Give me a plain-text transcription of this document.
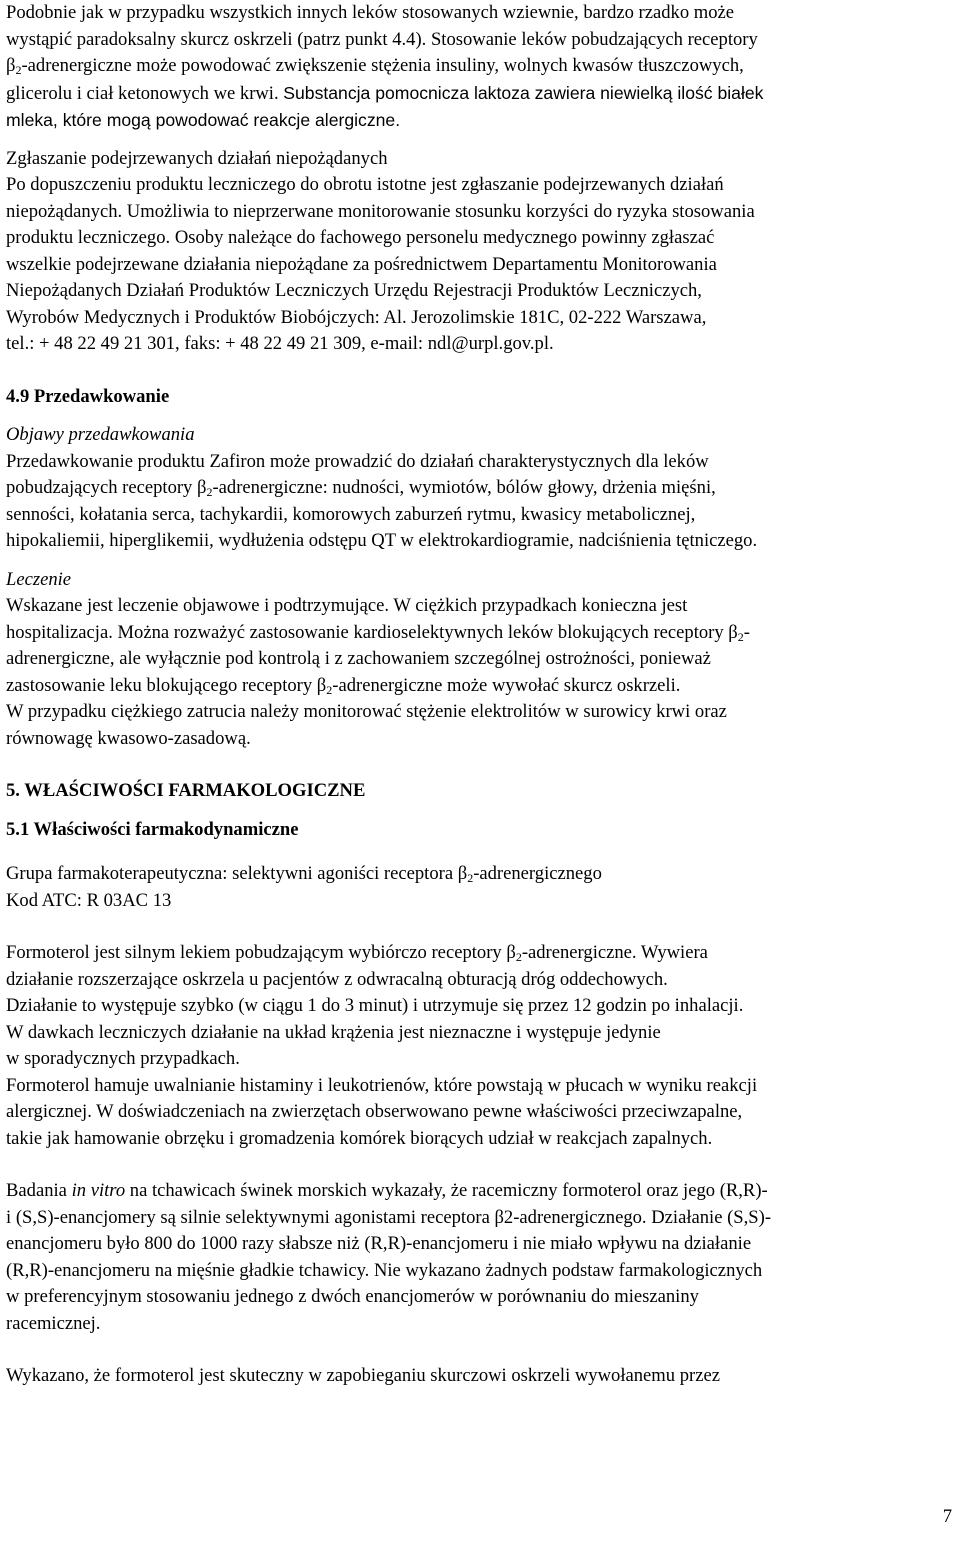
Podobnie jak w przypadku wszystkich innych leków stosowanych wziewnie, bardzo rzadko może
wystąpić paradoksalny skurcz oskrzeli (patrz punkt 4.4). Stosowanie leków pobudzających receptory
$\beta_2$-adrenergiczne może powodować zwiększenie stężenia insuliny, wolnych kwasów tłuszczowych,
glicerolu i ciał ketonowych we krwi. Substancja pomocnicza laktoza zawiera niewielką ilość białek
mleka, które mogą powodować reakcje alergiczne.

Zgłaszanie podejrzewanych działań niepożądanych
Po dopuszczeniu produktu leczniczego do obrotu istotne jest zgłaszanie podejrzewanych działań
niepożądanych. Umożliwia to nieprzerwane monitorowanie stosunku korzyści do ryzyka stosowania
produktu leczniczego. Osoby należące do fachowego personelu medycznego powinny zgłaszać
wszelkie podejrzewane działania niepożądane za pośrednictwem Departamentu Monitorowania
Niepożądanych Działań Produktów Leczniczych Urzędu Rejestracji Produktów Leczniczych,
Wyrobów Medycznych i Produktów Biobójczych: Al. Jerozolimskie 181C, 02-222 Warszawa,
tel.: + 48 22 49 21 301, faks: + 48 22 49 21 309, e-mail: ndl@urpl.gov.pl.

4.9 Przedawkowanie

Objawy przedawkowania
Przedawkowanie produktu Zafiron może prowadzić do działań charakterystycznych dla leków
pobudzających receptory $\beta_2$-adrenergiczne: nudności, wymiotów, bólów głowy, drżenia mięśni,
senności, kołatania serca, tachykardii, komorowych zaburzeń rytmu, kwasicy metabolicznej,
hipokaliemii, hiperglikemii, wydłużenia odstępu QT w elektrokardiogramie, nadciśnienia tętniczego.

Leczenie
Wskazane jest leczenie objawowe i podtrzymujące. W ciężkich przypadkach konieczna jest
hospitalizacja. Można rozważyć zastosowanie kardioselektywnych leków blokujących receptory $\beta_2-$
adrenergiczne, ale wyłącznie pod kontrolą i z zachowaniem szczególnej ostrożności, ponieważ
zastosowanie leku blokującego receptory $\beta_2$-adrenergiczne może wywołać skurcz oskrzeli.
W przypadku ciężkiego zatrucia należy monitorować stężenie elektrolitów w surowicy krwi oraz
równowagę kwasowo-zasadową.

5. WŁAŚCIWOŚCI FARMAKOLOGICZNE

5.1 Właściwości farmakodynamiczne

Grupa farmakoterapeutyczna: selektywni agoniści receptora $\beta_2$-adrenergicznego
Kod ATC: R 03AC 13

Formoterol jest silnym lekiem pobudzającym wybiórczo receptory $\beta_2$-adrenergiczne. Wywiera
działanie rozszerzające oskrzela u pacjentów z odwracalną obturacją dróg oddechowych.
Działanie to występuje szybko (w ciągu 1 do 3 minut) i utrzymuje się przez 12 godzin po inhalacji.
W dawkach leczniczych działanie na układ krążenia jest nieznaczne i występuje jedynie
w sporadycznych przypadkach.
Formoterol hamuje uwalnianie histaminy i leukotrienów, które powstają w płucach w wyniku reakcji
alergicznej. W doświadczeniach na zwierzętach obserwowano pewne właściwości przeciwzapalne,
takie jak hamowanie obrzęku i gromadzenia komórek biorących udział w reakcjach zapalnych.

Badania in vitro na tchawicach świnek morskich wykazały, że racemiczny formoterol oraz jego (R,R)-
i (S,S)-enancjomery są silnie selektywnymi agonistami receptora β2-adrenergicznego. Działanie (S,S)-
enancjomeru było 800 do 1000 razy słabsze niż (R,R)-enancjomeru i nie miało wpływu na działanie
(R,R)-enancjomeru na mięśnie gładkie tchawicy. Nie wykazano żadnych podstaw farmakologicznych
w preferencyjnym stosowaniu jednego z dwóch enancjomerów w porównaniu do mieszaniny
racemicznej.

Wykazano, że formoterol jest skuteczny w zapobieganiu skurczowi oskrzeli wywołanemu przez

7
